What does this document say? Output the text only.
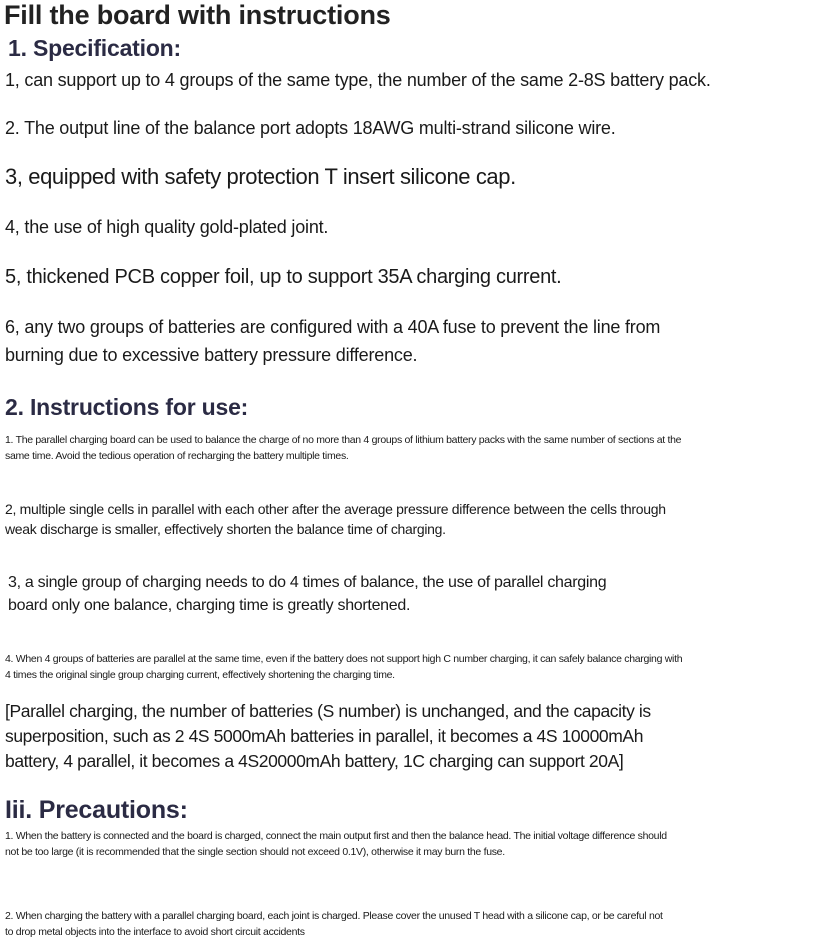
Fill the board with instructions
1. Specification:

1, can support up to 4 groups of the same type, the number of the same 2-8S battery pack.

2. The output line of the balance port adopts 18AWG multi-strand silicone wire.

3, equipped with safety protection T insert silicone cap.

4, the use of high quality gold-plated joint.

5, thickened PCB copper foil, up to support 35A charging current.

6, any two groups of batteries are configured with a 40A fuse to prevent the line from burning due to excessive battery pressure difference.

2. Instructions for use:

1. The parallel charging board can be used to balance the charge of no more than 4 groups of lithium battery packs with the same number of sections at the same time. Avoid the tedious operation of recharging the battery multiple times.

2, multiple single cells in parallel with each other after the average pressure difference between the cells through weak discharge is smaller, effectively shorten the balance time of charging.

3, a single group of charging needs to do 4 times of balance, the use of parallel charging board only one balance, charging time is greatly shortened.

4. When 4 groups of batteries are parallel at the same time, even if the battery does not support high C number charging, it can safely balance charging with 4 times the original single group charging current, effectively shortening the charging time.

[Parallel charging, the number of batteries (S number) is unchanged, and the capacity is superposition, such as 2 4S 5000mAh batteries in parallel, it becomes a 4S 10000mAh battery, 4 parallel, it becomes a 4S20000mAh battery, 1C charging can support 20A]

Iii. Precautions:

1. When the battery is connected and the board is charged, connect the main output first and then the balance head. The initial voltage difference should not be too large (it is recommended that the single section should not exceed 0.1V), otherwise it may burn the fuse.

2. When charging the battery with a parallel charging board, each joint is charged. Please cover the unused T head with a silicone cap, or be careful not to drop metal objects into the interface to avoid short circuit accidents
